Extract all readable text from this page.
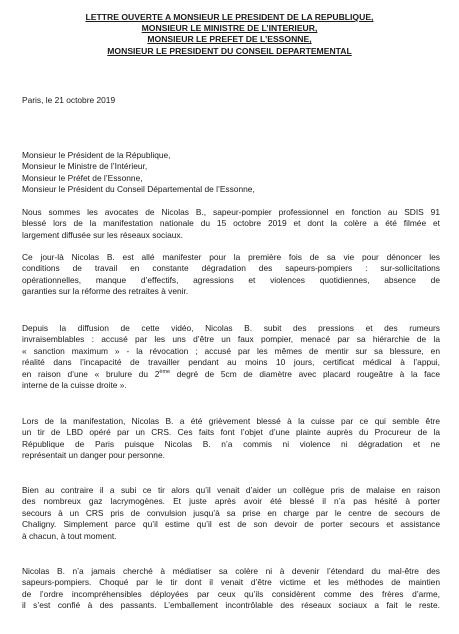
LETTRE OUVERTE A MONSIEUR LE PRESIDENT DE LA REPUBLIQUE,
MONSIEUR LE MINISTRE DE L’INTERIEUR,
MONSIEUR LE PREFET DE L’ESSONNE,
MONSIEUR LE PRESIDENT DU CONSEIL DEPARTEMENTAL
Paris, le 21 octobre 2019
Monsieur le Président de la République,
Monsieur le Ministre de l’Intérieur,
Monsieur le Préfet de l’Essonne,
Monsieur le Président du Conseil Départemental de l’Essonne,
Nous sommes les avocates de Nicolas B., sapeur-pompier professionnel en fonction au SDIS 91
blessé lors de la manifestation nationale du 15 octobre 2019 et dont la colère a été filmée et
largement diffusée sur les réseaux sociaux.
Ce jour-là Nicolas B. est allé manifester pour la première fois de sa vie pour dénoncer les
conditions de travail en constante dégradation des sapeurs-pompiers : sur-sollicitations
opérationnelles, manque d’effectifs, agressions et violences quotidiennes, absence de
garanties sur la réforme des retraites à venir.
Depuis la diffusion de cette vidéo, Nicolas B. subit des pressions et des rumeurs
invraisemblables : accusé par les uns d’être un faux pompier, menacé par sa hiérarchie de la
« sanction maximum » - la révocation ; accusé par les mêmes de mentir sur sa blessure, en
réalité dans l’incapacité de travailler pendant au moins 10 jours, certificat médical à l’appui,
en raison d’une « brulure du 2ème degré de 5cm de diamètre avec placard rougeâtre à la face
interne de la cuisse droite ».
Lors de la manifestation, Nicolas B. a été grièvement blessé à la cuisse par ce qui semble être
un tir de LBD opéré par un CRS. Ces faits font l’objet d’une plainte auprès du Procureur de la
République de Paris puisque Nicolas B. n’a commis ni violence ni dégradation et ne
représentait un danger pour personne.
Bien au contraire il a subi ce tir alors qu’il venait d’aider un collègue pris de malaise en raison
des nombreux gaz lacrymogènes. Et juste après avoir été blessé il n’a pas hésité à porter
secours à un CRS pris de convulsion jusqu’à sa prise en charge par le centre de secours de
Chaligny. Simplement parce qu’il estime qu’il est de son devoir de porter secours et assistance
à chacun, à tout moment.
Nicolas B. n’a jamais cherché à médiatiser sa colère ni à devenir l’étendard du mal-être des
sapeurs-pompiers. Choqué par le tir dont il venait d’être victime et les méthodes de maintien
de l’ordre incompréhensibles déployées par ceux qu’ils considèrent comme des frères d’arme,
il s’est confié à des passants. L’emballement incontrôlable des réseaux sociaux a fait le reste.
